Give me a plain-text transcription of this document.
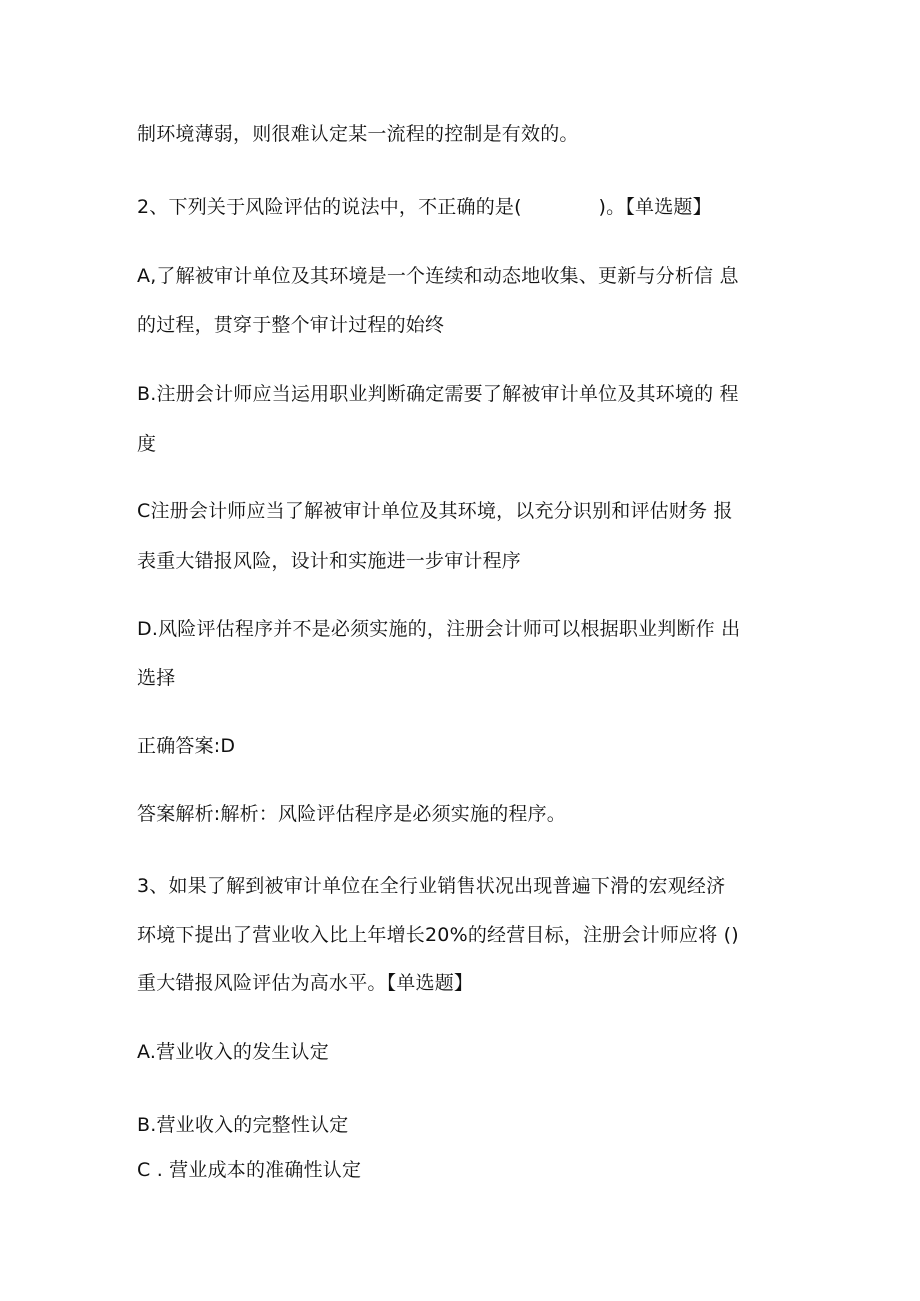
制环境薄弱，则很难认定某一流程的控制是有效的。
2、下列关于风险评估的说法中，不正确的是(　　　　)。【单选题】
A,了解被审计单位及其环境是一个连续和动态地收集、更新与分析信 息
的过程，贯穿于整个审计过程的始终
B.注册会计师应当运用职业判断确定需要了解被审计单位及其环境的 程
度
C注册会计师应当了解被审计单位及其环境，以充分识别和评估财务 报
表重大错报风险，设计和实施进一步审计程序
D.风险评估程序并不是必须实施的，注册会计师可以根据职业判断作 出
选择
正确答案:D
答案解析:解析：风险评估程序是必须实施的程序。
3、如果了解到被审计单位在全行业销售状况出现普遍下滑的宏观经济
环境下提出了营业收入比上年增长20%的经营目标，注册会计师应将 ()
重大错报风险评估为高水平。【单选题】
A.营业收入的发生认定
B.营业收入的完整性认定
C . 营业成本的准确性认定
